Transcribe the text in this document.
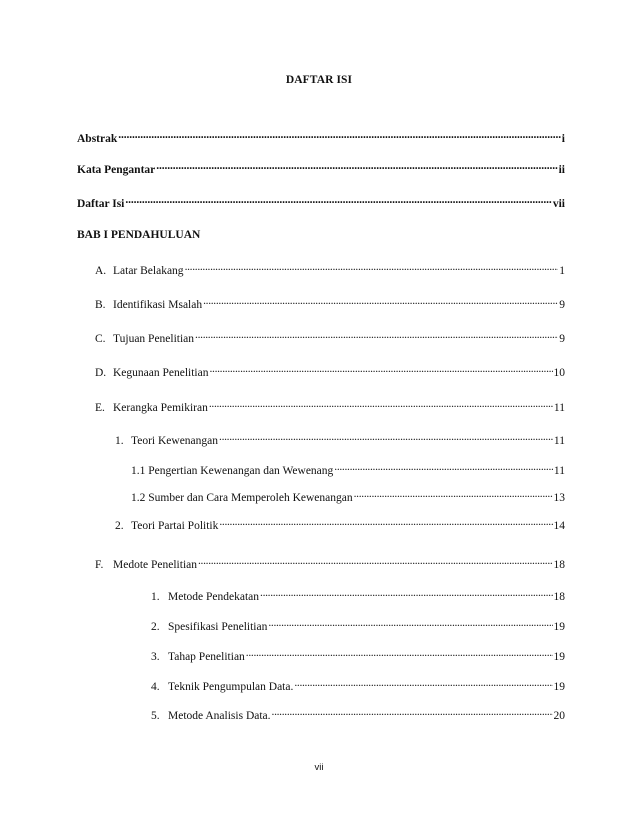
DAFTAR ISI
Abstrak . . .	i
Kata Pengantar . . .	ii
Daftar Isi . . .	vii
BAB I PENDAHULUAN
A. Latar Belakang . . .	1
B. Identifikasi Msalah . . .	9
C. Tujuan Penelitian . . .	9
D. Kegunaan Penelitian . . .	10
E. Kerangka Pemikiran . . .	11
1. Teori Kewenangan . . .	11
1.1 Pengertian Kewenangan dan Wewenang . . .	11
1.2 Sumber dan Cara Memperoleh Kewenangan . . .	13
2. Teori Partai Politik . . .	14
F. Medote Penelitian . . .	18
1. Metode Pendekatan . . .	18
2. Spesifikasi Penelitian . . .	19
3. Tahap Penelitian . . .	19
4. Teknik Pengumpulan Data. . . .	19
5. Metode Analisis Data. . . .	20
vii
